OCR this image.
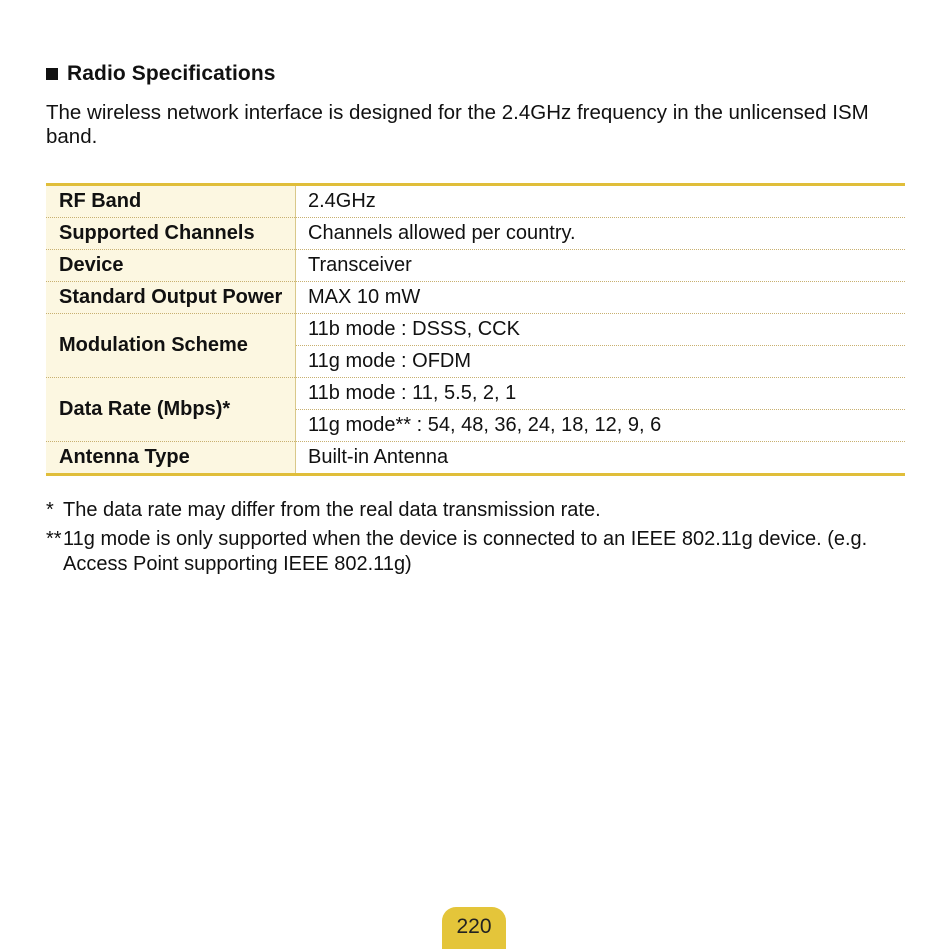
Radio Specifications
The wireless network interface is designed for the 2.4GHz frequency in the unlicensed ISM band.
RF Band	2.4GHz
Supported Channels	Channels allowed per country.
Device	Transceiver
Standard Output Power	MAX 10 mW
Modulation Scheme	11b mode : DSSS, CCK
	11g mode : OFDM
Data Rate (Mbps)*	11b mode : 11, 5.5, 2, 1
	11g mode** : 54, 48, 36, 24, 18, 12, 9, 6
Antenna Type	Built-in Antenna
* The data rate may differ from the real data transmission rate.
** 11g mode is only supported when the device is connected to an IEEE 802.11g device. (e.g. Access Point supporting IEEE 802.11g)
220
